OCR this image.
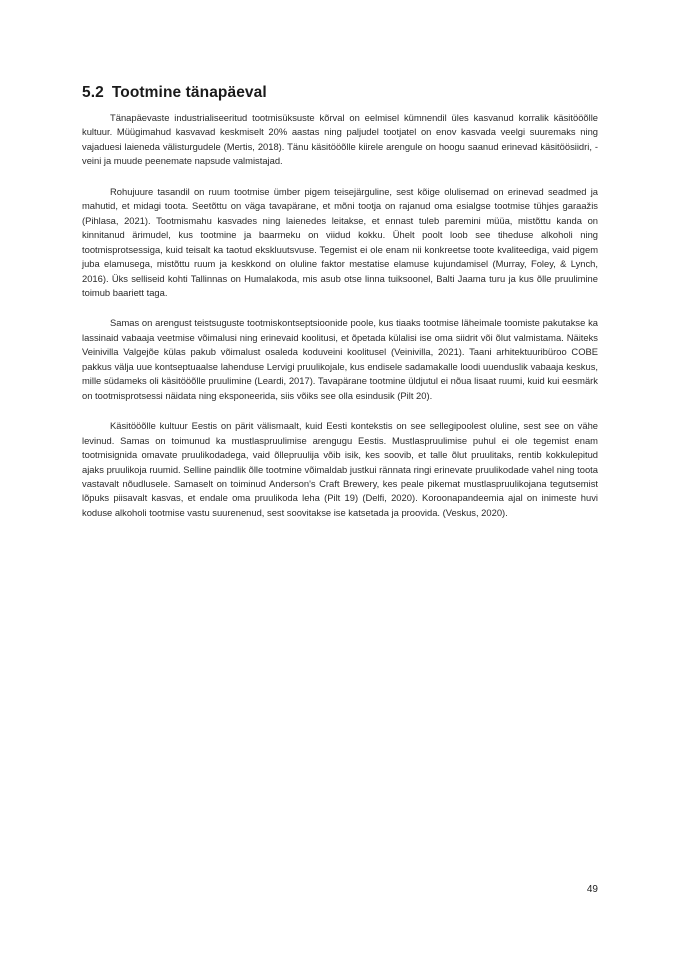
5.2 Tootmine tänapäeval

Tänapäevaste industrialiseeritud tootmisüksuste kõrval on eelmisel kümnendil üles kasvanud korralik käsitööõlle kultuur. Müügimahud kasvavad keskmiselt 20% aastas ning paljudel tootjatel on enov kasvada veelgi suuremaks ning vajaduesi laieneda välisturgudele (Mertis, 2018). Tänu käsitööõlle kiirele arengule on hoogu saanud erinevad käsitöösiidri, -veini ja muude peenemate napsude valmistajad.

Rohujuure tasandil on ruum tootmise ümber pigem teisejärguline, sest kõige olulisemad on erinevad seadmed ja mahutid, et midagi toota. Seetõttu on väga tavapärane, et mõni tootja on rajanud oma esialgse tootmise tühjes garaažis (Pihlasa, 2021). Tootmismahu kasvades ning laienedes leitakse, et ennast tuleb paremini müüa, mistõttu kanda on kinnitanud ärimudel, kus tootmine ja baarmeku on viidud kokku. Ühelt poolt loob see tiheduse alkoholi ning tootmisprotsessiga, kuid teisalt ka taotud ekskluutsvuse. Tegemist ei ole enam nii konkreetse toote kvaliteediga, vaid pigem juba elamusega, mistõttu ruum ja keskkond on oluline faktor mestatise elamuse kujundamisel (Murray, Foley, & Lynch, 2016). Üks selliseid kohti Tallinnas on Humalakoda, mis asub otse linna tuiksoonel, Balti Jaama turu ja kus õlle pruulimine toimub baariett taga.

Samas on arengust teistsuguste tootmiskontseptsioonide poole, kus tiaaks tootmise läheimale toomiste pakutakse ka lassinaid vabaaja veetmise võimalusi ning erinevaid koolitusi, et õpetada külalisi ise oma siidrit või õlut valmistama. Näiteks Veinivilla Valgejõe külas pakub võimalust osaleda koduveini koolitusel (Veinivilla, 2021). Taani arhitektuuribüroo COBE pakkus välja uue kontseptuaalse lahenduse Lervigi pruulikojale, kus endisele sadamakalle loodi uuenduslik vabaaja keskus, mille südameks oli käsitööõlle pruulimine (Leardi, 2017). Tavapärane tootmine üldjutul ei nõua lisaat ruumi, kuid kui eesmärk on tootmisprotsessi näidata ning eksponeerida, siis võiks see olla esindusik (Pilt 20).

Käsitööõlle kultuur Eestis on pärit välismaalt, kuid Eesti kontekstis on see sellegipoolest oluline, sest see on vähe levinud. Samas on toimunud ka mustlaspruulimise arengugu Eestis. Mustlaspruulimise puhul ei ole tegemist enam tootmisignida omavate pruulikodadega, vaid õllepruulija võib isik, kes soovib, et talle õlut pruulitaks, rentib kokkulepitud ajaks pruulikoja ruumid. Selline paindlik õlle tootmine võimaldab justkui rännata ringi erinevate pruulikodade vahel ning toota vastavalt nõudlusele. Samaselt on toiminud Anderson's Craft Brewery, kes peale pikemat mustlaspruulikojana tegutsemist lõpuks piisavalt kasvas, et endale oma pruulikoda leha (Pilt 19) (Delfi, 2020). Koroonapandeemia ajal on inimeste huvi koduse alkoholi tootmise vastu suurenenud, sest soovitakse ise katsetada ja proovida. (Veskus, 2020).

49
